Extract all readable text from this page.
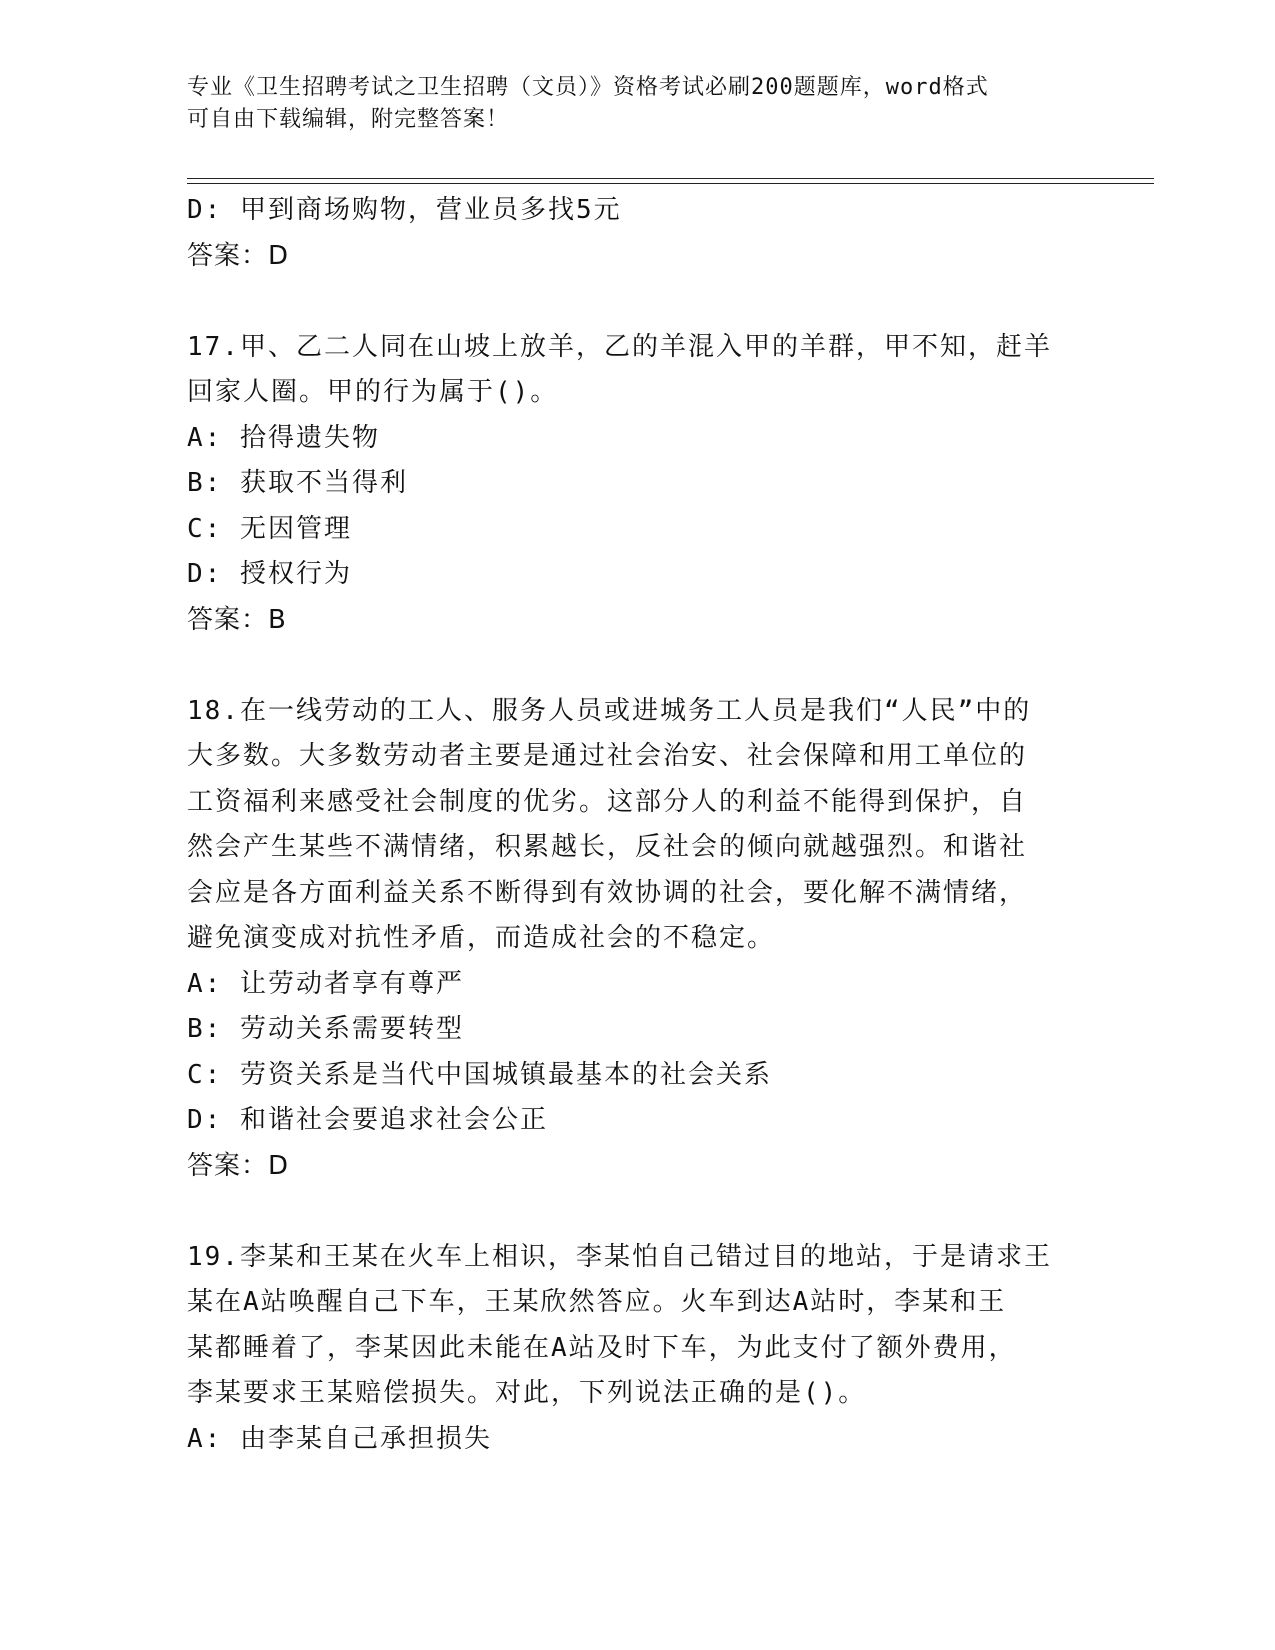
专业《卫生招聘考试之卫生招聘（文员）》资格考试必刷200题题库，word格式
可自由下载编辑，附完整答案！
D: 甲到商场购物，营业员多找5元
答案：D
17.甲、乙二人同在山坡上放羊，乙的羊混入甲的羊群，甲不知，赶羊
回家人圈。甲的行为属于()。
A: 拾得遗失物
B: 获取不当得利
C: 无因管理
D: 授权行为
答案：B
18.在一线劳动的工人、服务人员或进城务工人员是我们“人民”中的
大多数。大多数劳动者主要是通过社会治安、社会保障和用工单位的
工资福利来感受社会制度的优劣。这部分人的利益不能得到保护，自
然会产生某些不满情绪，积累越长，反社会的倾向就越强烈。和谐社
会应是各方面利益关系不断得到有效协调的社会，要化解不满情绪，
避免演变成对抗性矛盾，而造成社会的不稳定。
A: 让劳动者享有尊严
B: 劳动关系需要转型
C: 劳资关系是当代中国城镇最基本的社会关系
D: 和谐社会要追求社会公正
答案：D
19.李某和王某在火车上相识，李某怕自己错过目的地站，于是请求王
某在A站唤醒自己下车，王某欣然答应。火车到达A站时，李某和王
某都睡着了，李某因此未能在A站及时下车，为此支付了额外费用，
李某要求王某赔偿损失。对此，下列说法正确的是()。
A: 由李某自己承担损失
